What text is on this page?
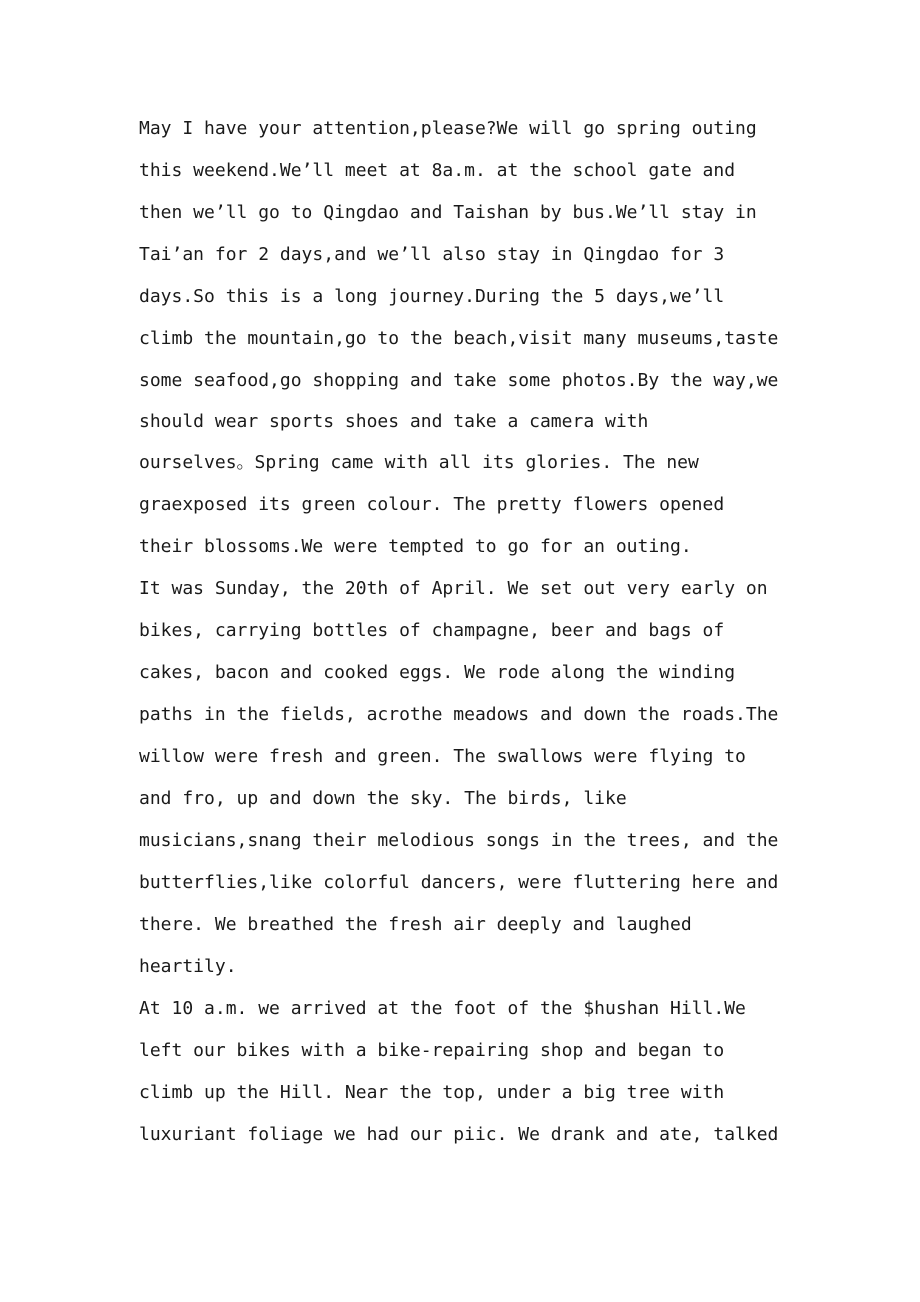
May I have your attention,please?We will go spring outing
this weekend.We’ll meet at 8a.m. at the school gate and
then we’ll go to Qingdao and Taishan by bus.We’ll stay in
Tai’an for 2 days,and we’ll also stay in Qingdao for 3
days.So this is a long journey.During the 5 days,we’ll
climb the mountain,go to the beach,visit many museums,taste
some seafood,go shopping and take some photos.By the way,we
should wear sports shoes and take a camera with
ourselves。Spring came with all its glories. The new
graexposed its green colour. The pretty flowers opened
their blossoms.We were tempted to go for an outing.
It was Sunday, the 20th of April. We set out very early on
bikes, carrying bottles of champagne, beer and bags of
cakes, bacon and cooked eggs. We rode along the winding
paths in the fields, acrothe meadows and down the roads.The
willow were fresh and green. The swallows were flying to
and fro, up and down the sky. The birds, like
musicians,snang their melodious songs in the trees, and the
butterflies,like colorful dancers, were fluttering here and
there. We breathed the fresh air deeply and laughed
heartily.
At 10 a.m. we arrived at the foot of the $hushan Hill.We
left our bikes with a bike-repairing shop and began to
climb up the Hill. Near the top, under a big tree with
luxuriant foliage we had our piic. We drank and ate, talked
